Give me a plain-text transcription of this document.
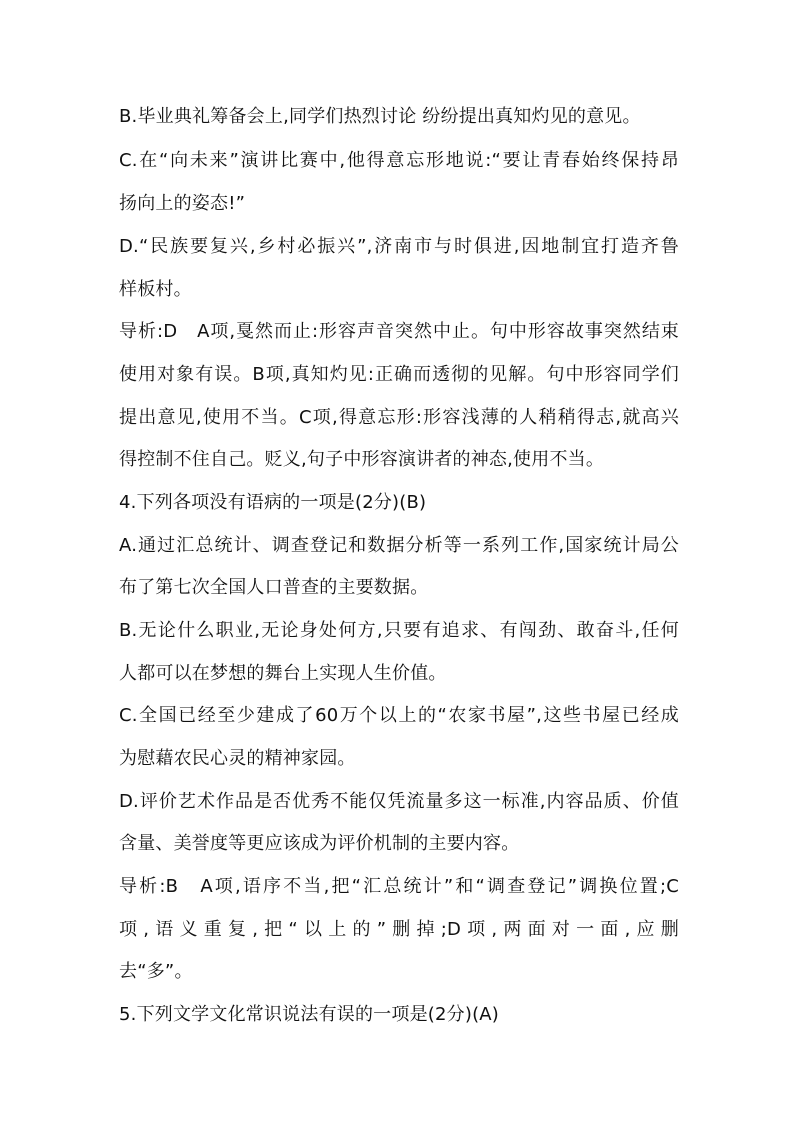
B.毕业典礼筹备会上,同学们热烈讨论 纷纷提出真知灼见的意见。
C.在“向未来”演讲比赛中,他得意忘形地说:“要让青春始终保持昂
扬向上的姿态!”
D.“民族要复兴,乡村必振兴”,济南市与时俱进,因地制宜打造齐鲁
样板村。
导析:D　A项,戛然而止:形容声音突然中止。句中形容故事突然结束
使用对象有误。B项,真知灼见:正确而透彻的见解。句中形容同学们
提出意见,使用不当。C项,得意忘形:形容浅薄的人稍稍得志,就高兴
得控制不住自己。贬义,句子中形容演讲者的神态,使用不当。
4.下列各项没有语病的一项是(2分)(B)
A.通过汇总统计、调查登记和数据分析等一系列工作,国家统计局公
布了第七次全国人口普查的主要数据。
B.无论什么职业,无论身处何方,只要有追求、有闯劲、敢奋斗,任何
人都可以在梦想的舞台上实现人生价值。
C.全国已经至少建成了60万个以上的“农家书屋”,这些书屋已经成
为慰藉农民心灵的精神家园。
D.评价艺术作品是否优秀不能仅凭流量多这一标准,内容品质、价值
含量、美誉度等更应该成为评价机制的主要内容。
导析:B　A项,语序不当,把“汇总统计”和“调查登记”调换位置;C
项,语义重复,把“以上的”删掉;D项,两面对一面,应删
去“多”。
5.下列文学文化常识说法有误的一项是(2分)(A)
